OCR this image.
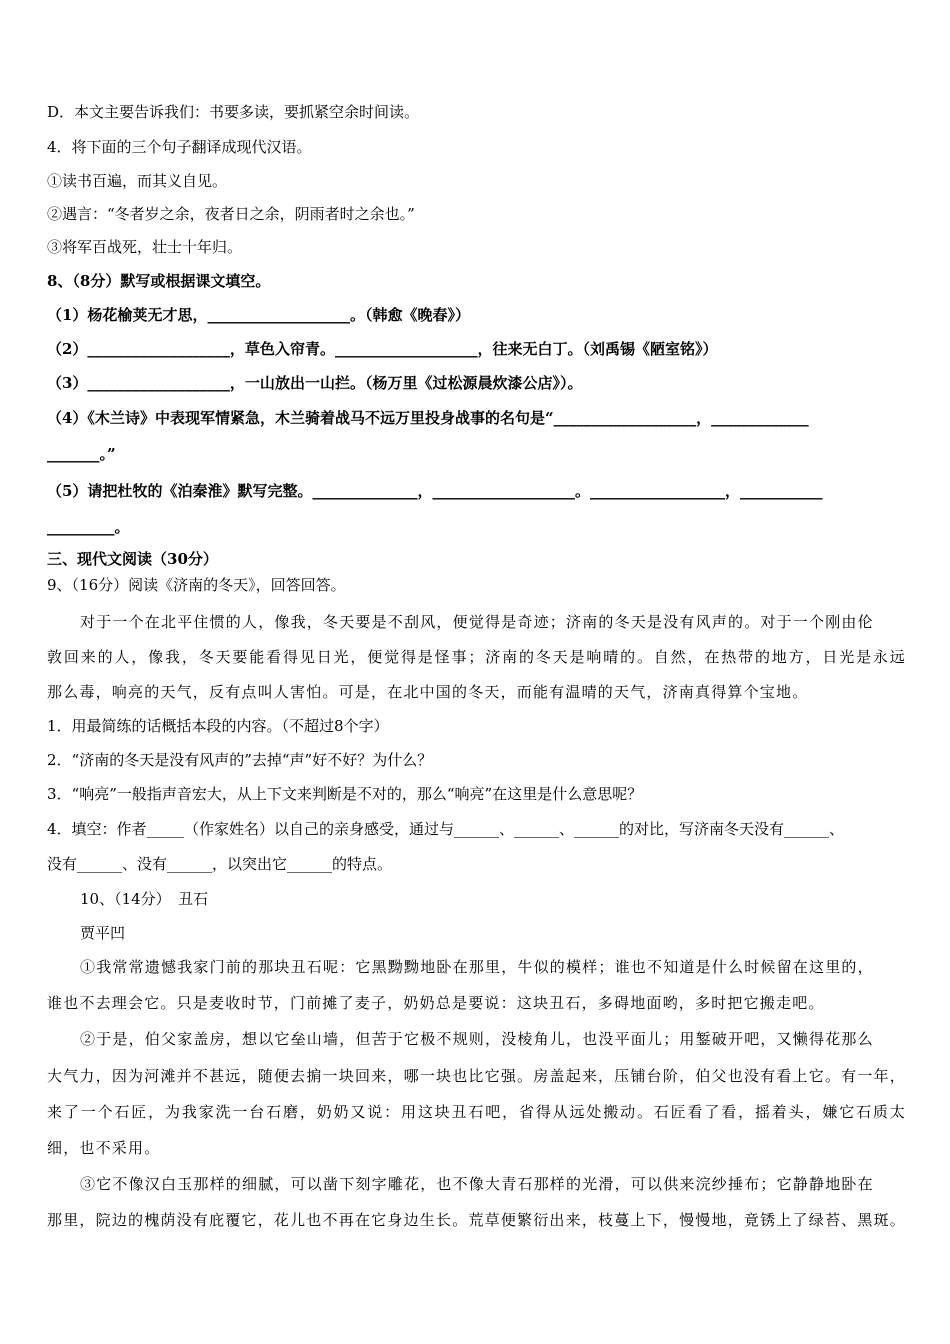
D．本文主要告诉我们：书要多读，要抓紧空余时间读。
4．将下面的三个句子翻译成现代汉语。
①读书百遍，而其义自见。
②遇言：“冬者岁之余，夜者日之余，阴雨者时之余也。”
③将军百战死，壮士十年归。
8、（8分）默写或根据课文填空。
（1）杨花榆荚无才思，___________________。（韩愈《晚春》）
（2）___________________，草色入帘青。___________________，往来无白丁。（刘禹锡《陋室铭》）
（3）___________________，一山放出一山拦。（杨万里《过松源晨炊漆公店》）。
（4）《木兰诗》中表现军情紧急，木兰骑着战马不远万里投身战事的名句是“___________________，_____________
_______。”
（5）请把杜牧的《泊秦淮》默写完整。______________，___________________。__________________，___________
_________。
三、现代文阅读（30分）
9、（16分）阅读《济南的冬天》，回答回答。
对于一个在北平住惯的人，像我，冬天要是不刮风，便觉得是奇迹；济南的冬天是没有风声的。对于一个刚由伦
敦回来的人，像我，冬天要能看得见日光，便觉得是怪事；济南的冬天是响晴的。自然，在热带的地方，日光是永远
那么毒，响亮的天气，反有点叫人害怕。可是，在北中国的冬天，而能有温晴的天气，济南真得算个宝地。
1．用最简练的话概括本段的内容。（不超过8个字）
2．“济南的冬天是没有风声的”去掉“声”好不好？为什么？
3．“响亮”一般指声音宏大，从上下文来判断是不对的，那么“响亮”在这里是什么意思呢？
4．填空：作者_____（作家姓名）以自己的亲身感受，通过与______、______、______的对比，写济南冬天没有______、
没有______、没有______，以突出它______的特点。
10、（14分）　丑石
贾平凹
①我常常遗憾我家门前的那块丑石呢：它黑黝黝地卧在那里，牛似的模样；谁也不知道是什么时候留在这里的，
谁也不去理会它。只是麦收时节，门前摊了麦子，奶奶总是要说：这块丑石，多碍地面哟，多时把它搬走吧。
②于是，伯父家盖房，想以它垒山墙，但苦于它极不规则，没棱角儿，也没平面儿；用錾破开吧，又懒得花那么
大气力，因为河滩并不甚远，随便去掮一块回来，哪一块也比它强。房盖起来，压铺台阶，伯父也没有看上它。有一年，
来了一个石匠，为我家洗一台石磨，奶奶又说：用这块丑石吧，省得从远处搬动。石匠看了看，摇着头，嫌它石质太
细，也不采用。
③它不像汉白玉那样的细腻，可以凿下刻字雕花，也不像大青石那样的光滑，可以供来浣纱捶布；它静静地卧在
那里，院边的槐荫没有庇覆它，花儿也不再在它身边生长。荒草便繁衍出来，枝蔓上下，慢慢地，竟锈上了绿苔、黑斑。
